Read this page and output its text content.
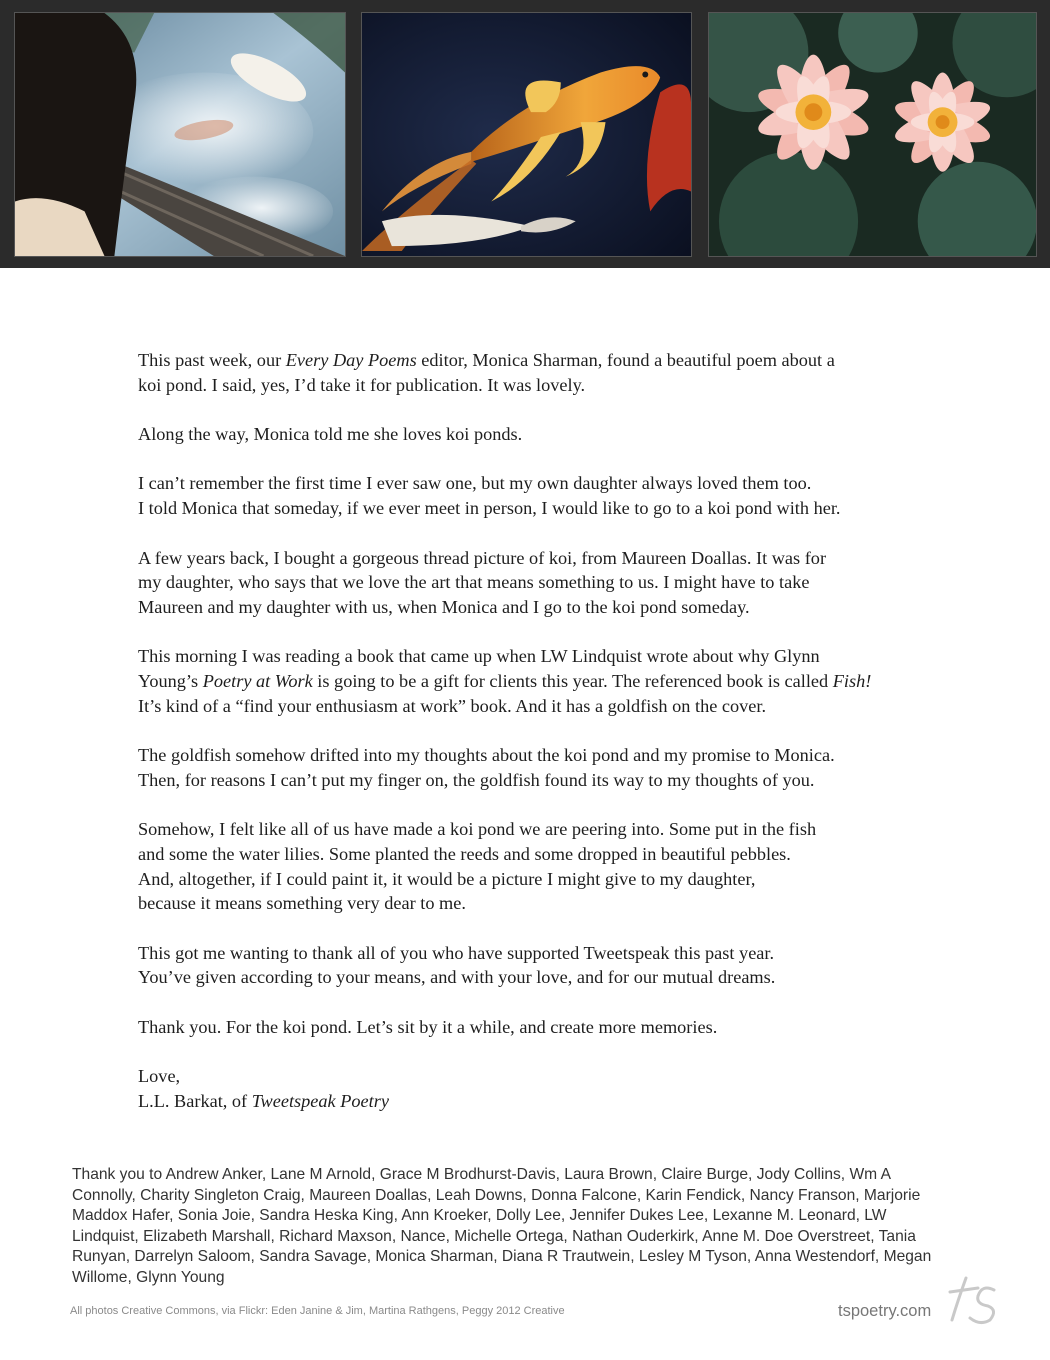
This past week, our Every Day Poems editor, Monica Sharman, found a beautiful poem about a
koi pond. I said, yes, I’d take it for publication. It was lovely.

Along the way, Monica told me she loves koi ponds.

I can’t remember the first time I ever saw one, but my own daughter always loved them too.
I told Monica that someday, if we ever meet in person, I would like to go to a koi pond with her.

A few years back, I bought a gorgeous thread picture of koi, from Maureen Doallas. It was for
my daughter, who says that we love the art that means something to us. I might have to take
Maureen and my daughter with us, when Monica and I go to the koi pond someday.

This morning I was reading a book that came up when LW Lindquist wrote about why Glynn
Young’s Poetry at Work is going to be a gift for clients this year. The referenced book is called Fish!
It’s kind of a “find your enthusiasm at work” book. And it has a goldfish on the cover.

The goldfish somehow drifted into my thoughts about the koi pond and my promise to Monica.
Then, for reasons I can’t put my finger on, the goldfish found its way to my thoughts of you.

Somehow, I felt like all of us have made a koi pond we are peering into. Some put in the fish
and some the water lilies. Some planted the reeds and some dropped in beautiful pebbles.
And, altogether, if I could paint it, it would be a picture I might give to my daughter,
because it means something very dear to me.

This got me wanting to thank all of you who have supported Tweetspeak this past year.
You’ve given according to your means, and with your love, and for our mutual dreams.

Thank you. For the koi pond. Let’s sit by it a while, and create more memories.

Love,

L.L. Barkat, of Tweetspeak Poetry

Thank you to Andrew Anker, Lane M Arnold, Grace M Brodhurst-Davis, Laura Brown, Claire Burge, Jody Collins, Wm A Connolly, Charity Singleton Craig, Maureen Doallas, Leah Downs, Donna Falcone, Karin Fendick, Nancy Franson, Marjorie Maddox Hafer, Sonia Joie, Sandra Heska King, Ann Kroeker, Dolly Lee, Jennifer Dukes Lee, Lexanne M. Leonard, LW Lindquist, Elizabeth Marshall, Richard Maxson, Nance, Michelle Ortega, Nathan Ouderkirk, Anne M. Doe Overstreet, Tania Runyan, Darrelyn Saloom, Sandra Savage, Monica Sharman, Diana R Trautwein, Lesley M Tyson, Anna Westendorf, Megan Willome, Glynn Young
All photos Creative Commons, via Flickr: Eden Janine & Jim, Martina Rathgens, Peggy 2012 Creative	tspoetry.com
